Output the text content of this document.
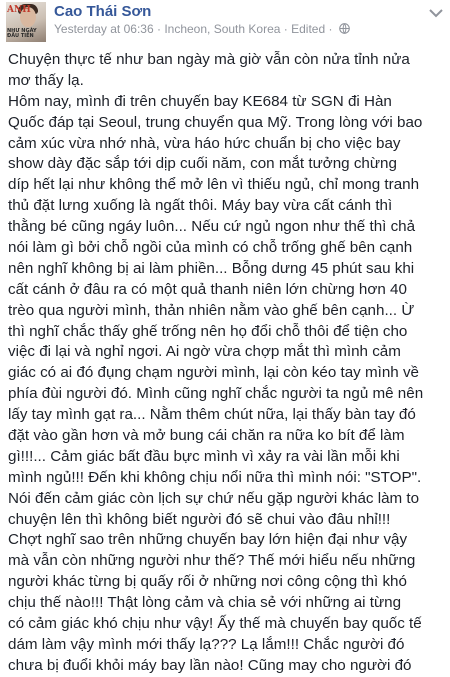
ANH
NHƯ NGÀY ĐẦU TIÊN
Cao Thái Sơn
Yesterday at 06:36 · Incheon, South Korea · Edited ·
Chuyện thực tế như ban ngày mà giờ vẫn còn nửa tỉnh nửa
mơ thấy lạ.
Hôm nay, mình đi trên chuyến bay KE684 từ SGN đi Hàn
Quốc đáp tại Seoul, trung chuyển qua Mỹ. Trong lòng với bao
cảm xúc vừa nhớ nhà, vừa háo hức chuẩn bị cho việc bay
show dày đặc sắp tới dịp cuối năm, con mắt tưởng chừng
díp hết lại như không thể mở lên vì thiếu ngủ, chỉ mong tranh
thủ đặt lưng xuống là ngất thôi. Máy bay vừa cất cánh thì
thằng bé cũng ngáy luôn... Nếu cứ ngủ ngon như thế thì chả
nói làm gì bởi chỗ ngồi của mình có chỗ trống ghế bên cạnh
nên nghĩ không bị ai làm phiền... Bỗng dưng 45 phút sau khi
cất cánh ở đâu ra có một quả thanh niên lớn chừng hơn 40
trèo qua người mình, thản nhiên nằm vào ghế bên cạnh... Ừ
thì nghĩ chắc thấy ghế trống nên họ đổi chỗ thôi để tiện cho
việc đi lại và nghỉ ngơi. Ai ngờ vừa chợp mắt thì mình cảm
giác có ai đó đụng chạm người mình, lại còn kéo tay mình về
phía đùi người đó. Mình cũng nghĩ chắc người ta ngủ mê nên
lấy tay mình gạt ra... Nằm thêm chút nữa, lại thấy bàn tay đó
đặt vào gần hơn và mở bung cái chăn ra nữa ko bít để làm
gì!!!... Cảm giác bất đầu bực mình vì xảy ra vài lần mỗi khi
mình ngủ!!! Đến khi không chịu nổi nữa thì mình nói: "STOP".
Nói đến cảm giác còn lịch sự chứ nếu gặp người khác làm to
chuyện lên thì không biết người đó sẽ chui vào đâu nhỉ!!!
Chợt nghĩ sao trên những chuyến bay lớn hiện đại như vậy
mà vẫn còn những người như thế? Thế mới hiểu nếu những
người khác từng bị quấy rối ở những nơi công cộng thì khó
chịu thế nào!!! Thật lòng cảm và chia sẻ với những ai từng
có cảm giác khó chịu như vậy! Ấy thế mà chuyến bay quốc tế
dám làm vậy mình mới thấy lạ??? Lạ lắm!!! Chắc người đó
chưa bị đuổi khỏi máy bay lần nào! Cũng may cho người đó
